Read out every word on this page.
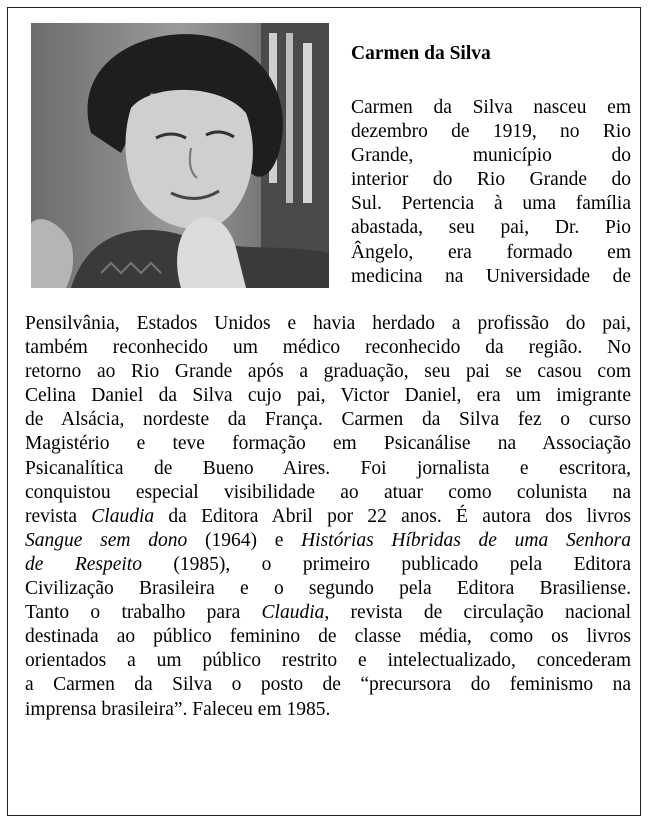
Carmen da Silva
Carmen da Silva nasceu em
dezembro de 1919, no Rio
Grande, município do
interior do Rio Grande do
Sul. Pertencia à uma família
abastada, seu pai, Dr. Pio
Ângelo, era formado em
medicina na Universidade de
Pensilvânia, Estados Unidos e havia herdado a profissão do pai,
também reconhecido um médico reconhecido da região. No
retorno ao Rio Grande após a graduação, seu pai se casou com
Celina Daniel da Silva cujo pai, Victor Daniel, era um imigrante
de Alsácia, nordeste da França. Carmen da Silva fez o curso
Magistério e teve formação em Psicanálise na Associação
Psicanalítica de Bueno Aires. Foi jornalista e escritora,
conquistou especial visibilidade ao atuar como colunista na
revista Claudia da Editora Abril por 22 anos. É autora dos livros
Sangue sem dono (1964) e Histórias Híbridas de uma Senhora
de Respeito (1985), o primeiro publicado pela Editora
Civilização Brasileira e o segundo pela Editora Brasiliense.
Tanto o trabalho para Claudia, revista de circulação nacional
destinada ao público feminino de classe média, como os livros
orientados a um público restrito e intelectualizado, concederam
a Carmen da Silva o posto de “precursora do feminismo na
imprensa brasileira”. Faleceu em 1985.
